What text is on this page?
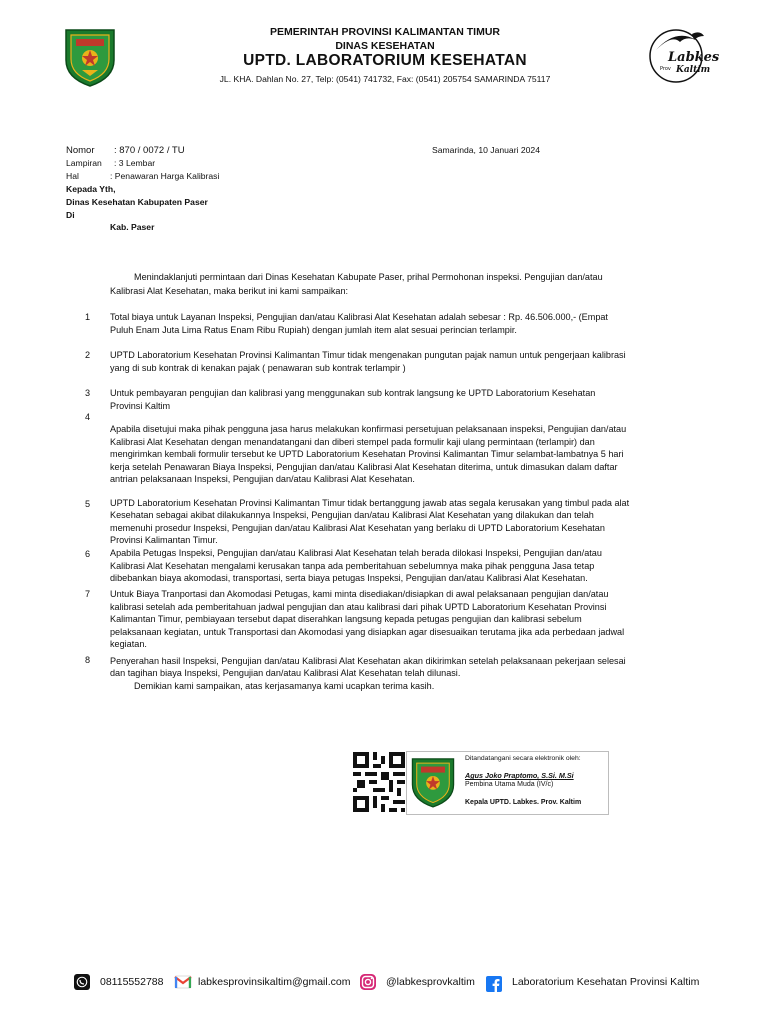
PEMERINTAH PROVINSI KALIMANTAN TIMUR
DINAS KESEHATAN
UPTD. LABORATORIUM KESEHATAN
JL. KHA. Dahlan No. 27, Telp: (0541) 741732, Fax: (0541) 205754 SAMARINDA 75117
Labkes
Kaltim
Prov
Nomor : 870 / 0072 / TU
Lampiran : 3 Lembar
Hal	: Penawaran Harga Kalibrasi
Samarinda, 10 Januari 2024
Kepada Yth,
Dinas Kesehatan Kabupaten Paser
Di
Kab. Paser
Menindaklanjuti permintaan dari Dinas Kesehatan Kabupate Paser, prihal Permohonan inspeksi. Pengujian dan/atau
Kalibrasi Alat Kesehatan, maka berikut ini kami sampaikan:
1 Total biaya untuk Layanan Inspeksi, Pengujian dan/atau Kalibrasi Alat Kesehatan adalah sebesar : Rp. 46.506.000,- (Empat
Puluh Enam Juta Lima Ratus Enam Ribu Rupiah) dengan jumlah item alat sesuai perincian terlampir.
2 UPTD Laboratorium Kesehatan Provinsi Kalimantan Timur tidak mengenakan pungutan pajak namun untuk pengerjaan kalibrasi
yang di sub kontrak di kenakan pajak ( penawaran sub kontrak terlampir )
3 Untuk pembayaran pengujian dan kalibrasi yang menggunakan sub kontrak langsung ke UPTD Laboratorium Kesehatan
Provinsi Kaltim
4
Apabila disetujui maka pihak pengguna jasa harus melakukan konfirmasi persetujuan pelaksanaan inspeksi, Pengujian dan/atau
Kalibrasi Alat Kesehatan dengan menandatangani dan diberi stempel pada formulir kaji ulang permintaan (terlampir) dan
mengirimkan kembali formulir tersebut ke UPTD Laboratorium Kesehatan Provinsi Kalimantan Timur selambat-lambatnya 5 hari
kerja setelah Penawaran Biaya Inspeksi, Pengujian dan/atau Kalibrasi Alat Kesehatan diterima, untuk dimasukan dalam daftar
antrian pelaksanaan Inspeksi, Pengujian dan/atau Kalibrasi Alat Kesehatan.
5 UPTD Laboratorium Kesehatan Provinsi Kalimantan Timur tidak bertanggung jawab atas segala kerusakan yang timbul pada alat
Kesehatan sebagai akibat dilakukannya Inspeksi, Pengujian dan/atau Kalibrasi Alat Kesehatan yang dilakukan dan telah
memenuhi prosedur Inspeksi, Pengujian dan/atau Kalibrasi Alat Kesehatan yang berlaku di UPTD Laboratorium Kesehatan
Provinsi Kalimantan Timur.
6 Apabila Petugas Inspeksi, Pengujian dan/atau Kalibrasi Alat Kesehatan telah berada dilokasi Inspeksi, Pengujian dan/atau
Kalibrasi Alat Kesehatan mengalami kerusakan tanpa ada pemberitahuan sebelumnya maka pihak pengguna Jasa tetap
dibebankan biaya akomodasi, transportasi, serta biaya petugas Inspeksi, Pengujian dan/atau Kalibrasi Alat Kesehatan.
7 Untuk Biaya Tranportasi dan Akomodasi Petugas, kami minta disediakan/disiapkan di awal pelaksanaan pengujian dan/atau
kalibrasi setelah ada pemberitahuan jadwal pengujian dan atau kalibrasi dari pihak UPTD Laboratorium Kesehatan Provinsi
Kalimantan Timur, pembiayaan tersebut dapat diserahkan langsung kepada petugas pengujian dan kalibrasi sebelum
pelaksanaan kegiatan, untuk Transportasi dan Akomodasi yang disiapkan agar disesuaikan terutama jika ada perbedaan jadwal
kegiatan.
8 Penyerahan hasil Inspeksi, Pengujian dan/atau Kalibrasi Alat Kesehatan akan dikirimkan setelah pelaksanaan pekerjaan selesai
dan tagihan biaya Inspeksi, Pengujian dan/atau Kalibrasi Alat Kesehatan telah dilunasi.
Demikian kami sampaikan, atas kerjasamanya kami ucapkan terima kasih.
Ditandatangani secara elektronik oleh:
Agus Joko Praptomo, S.Si. M.Si
Pembina Utama Muda (IV/c)
Kepala UPTD. Labkes. Prov. Kaltim
08115552788	labkesprovinsikaltim@gmail.com	@labkesprovkaltim	Laboratorium Kesehatan Provinsi Kaltim
